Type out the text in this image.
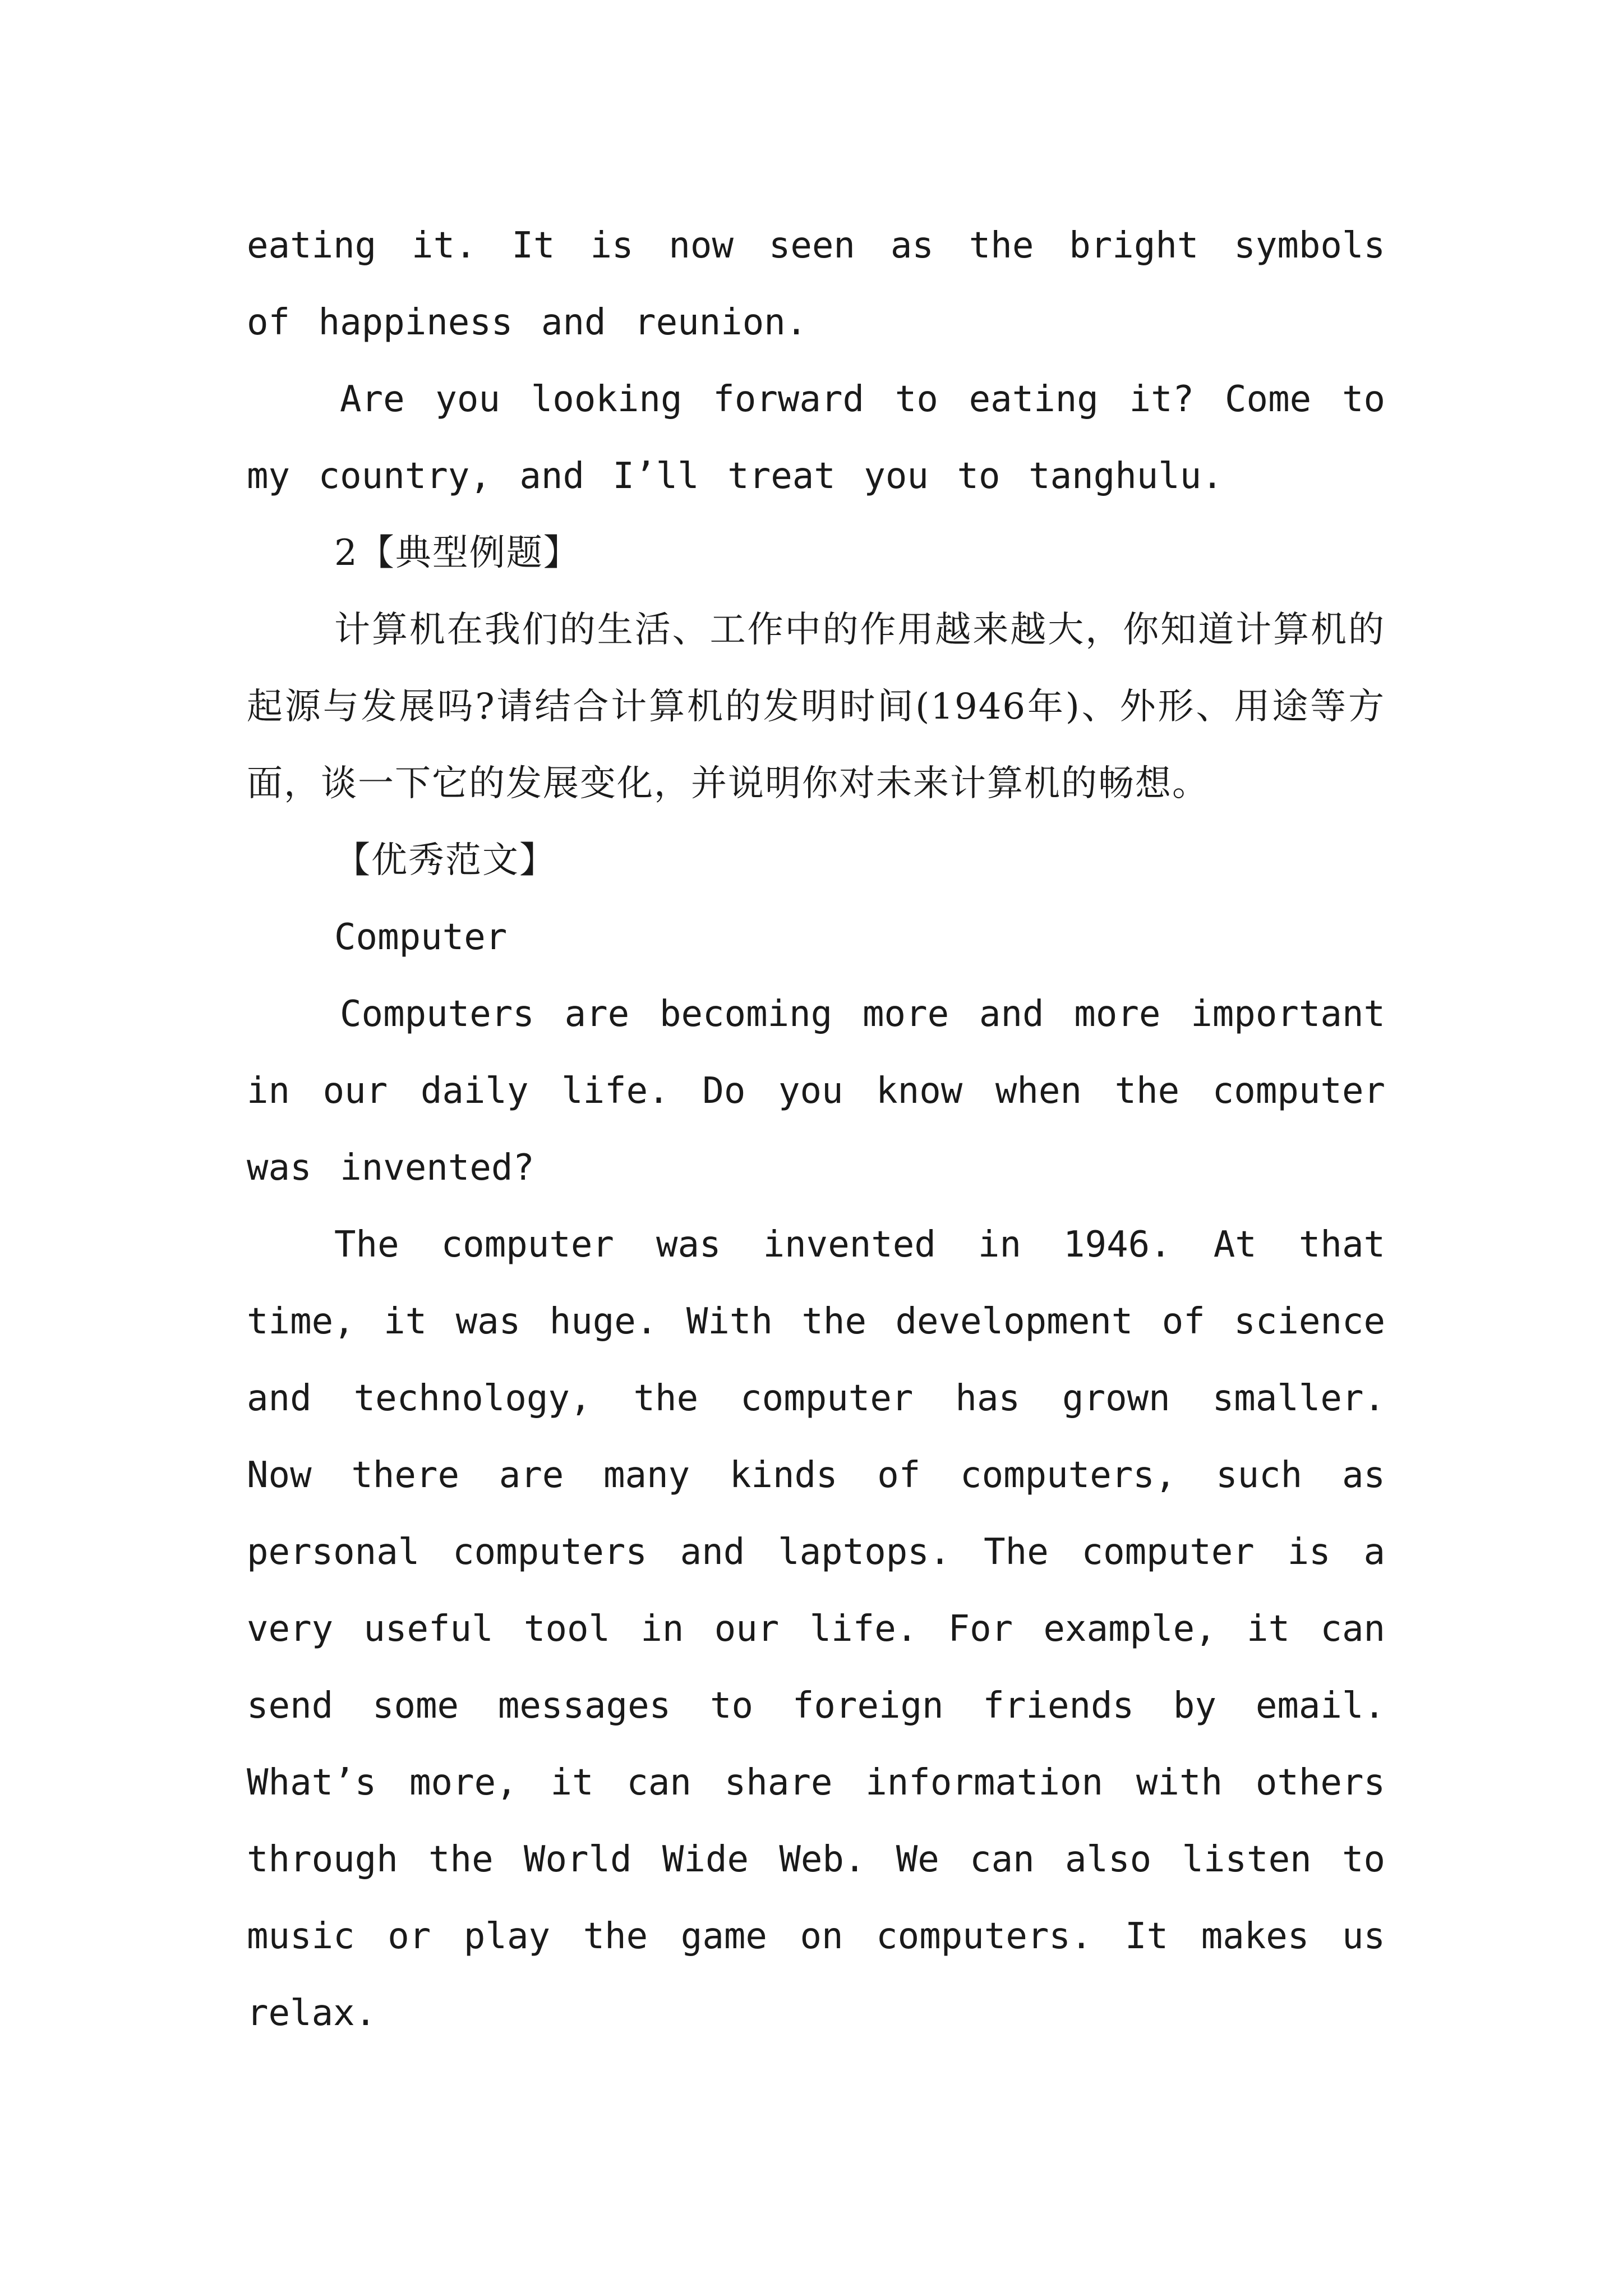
eating it. It is now seen as the bright symbols of happiness and reunion.

Are you looking forward to eating it? Come to my country, and I’ll treat you to tanghulu.

2【典型例题】

计算机在我们的生活、工作中的作用越来越大，你知道计算机的起源与发展吗?请结合计算机的发明时间(1946年)、外形、用途等方面，谈一下它的发展变化，并说明你对未来计算机的畅想。

【优秀范文】

Computer

Computers are becoming more and more important in our daily life. Do you know when the computer was invented?

The computer was invented in 1946. At that time, it was huge. With the development of science and technology, the computer has grown smaller. Now there are many kinds of computers, such as personal computers and laptops. The computer is a very useful tool in our life. For example, it can send some messages to foreign friends by email. What’s more, it can share information with others through the World Wide Web. We can also listen to music or play the game on computers. It makes us relax.
